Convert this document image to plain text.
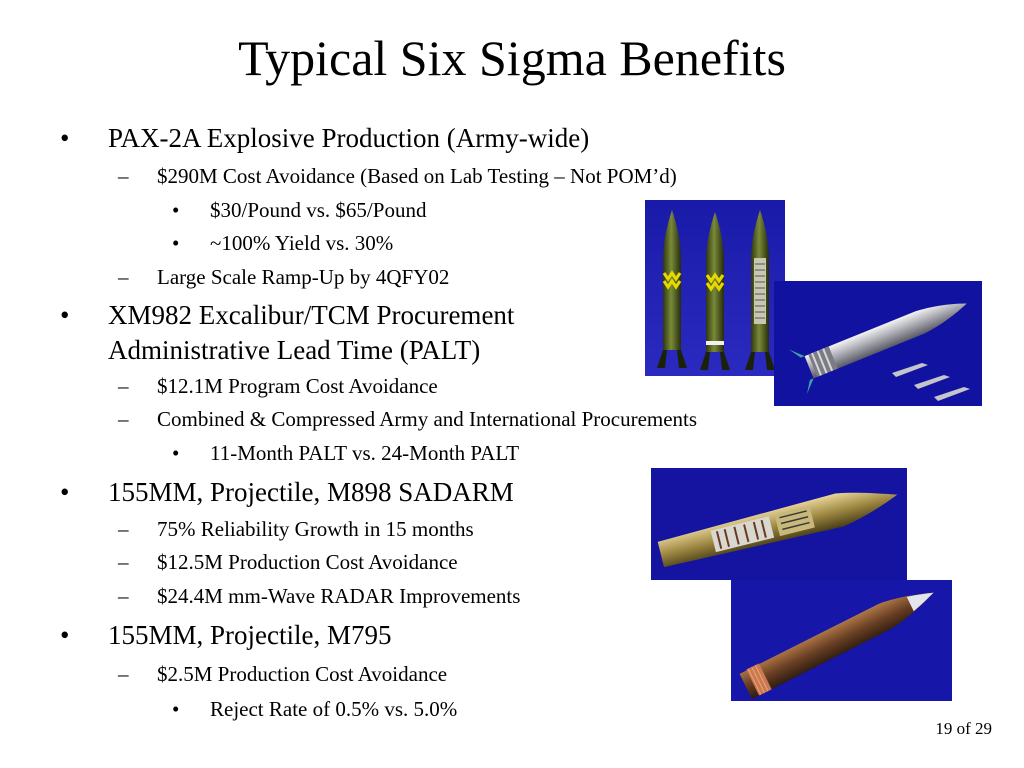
Typical Six Sigma Benefits
• PAX-2A Explosive Production (Army-wide)
– $290M Cost Avoidance (Based on Lab Testing – Not POM’d)
• $30/Pound vs. $65/Pound
• ~100% Yield vs. 30%
– Large Scale Ramp-Up by 4QFY02
• XM982 Excalibur/TCM Procurement
Administrative Lead Time (PALT)
– $12.1M Program Cost Avoidance
– Combined & Compressed Army and International Procurements
• 11-Month PALT vs. 24-Month PALT
• 155MM, Projectile, M898 SADARM
– 75% Reliability Growth in 15 months
– $12.5M Production Cost Avoidance
– $24.4M mm-Wave RADAR Improvements
• 155MM, Projectile, M795
– $2.5M Production Cost Avoidance
• Reject Rate of 0.5% vs. 5.0%
19 of 29
